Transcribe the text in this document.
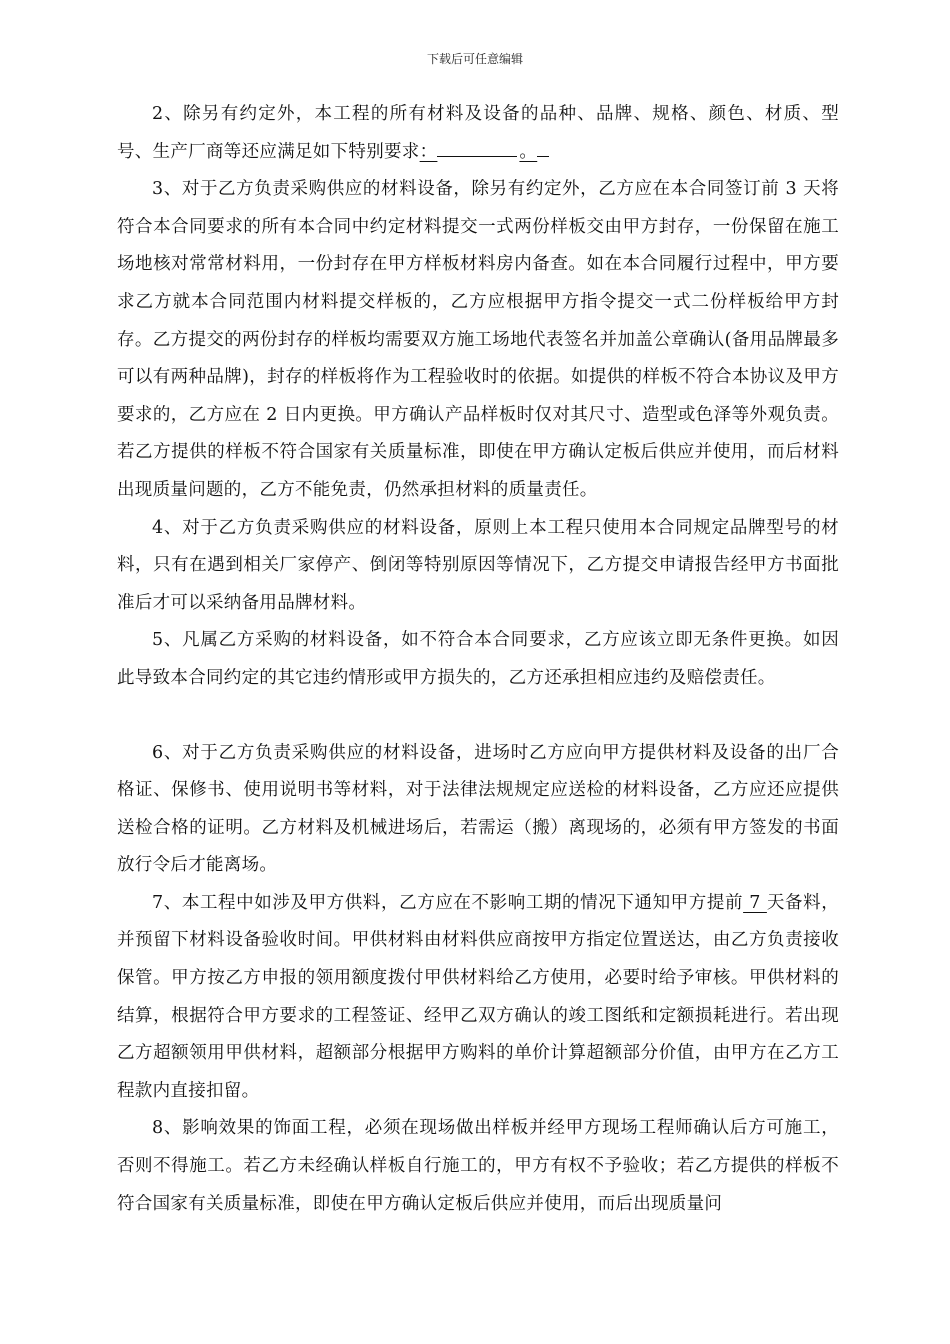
下载后可任意编辑

2、除另有约定外，本工程的所有材料及设备的品种、品牌、规格、颜色、材质、型号、生产厂商等还应满足如下特别要求：	。

3、对于乙方负责采购供应的材料设备，除另有约定外，乙方应在本合同签订前 3 天将符合本合同要求的所有本合同中约定材料提交一式两份样板交由甲方封存，一份保留在施工场地核对常常材料用，一份封存在甲方样板材料房内备查。如在本合同履行过程中，甲方要求乙方就本合同范围内材料提交样板的，乙方应根据甲方指令提交一式二份样板给甲方封存。乙方提交的两份封存的样板均需要双方施工场地代表签名并加盖公章确认(备用品牌最多可以有两种品牌)，封存的样板将作为工程验收时的依据。如提供的样板不符合本协议及甲方要求的，乙方应在 2 日内更换。甲方确认产品样板时仅对其尺寸、造型或色泽等外观负责。若乙方提供的样板不符合国家有关质量标准，即使在甲方确认定板后供应并使用，而后材料出现质量问题的，乙方不能免责，仍然承担材料的质量责任。

4、对于乙方负责采购供应的材料设备，原则上本工程只使用本合同规定品牌型号的材料，只有在遇到相关厂家停产、倒闭等特别原因等情况下，乙方提交申请报告经甲方书面批准后才可以采纳备用品牌材料。

5、凡属乙方采购的材料设备，如不符合本合同要求，乙方应该立即无条件更换。如因此导致本合同约定的其它违约情形或甲方损失的，乙方还承担相应违约及赔偿责任。

6、对于乙方负责采购供应的材料设备，进场时乙方应向甲方提供材料及设备的出厂合格证、保修书、使用说明书等材料，对于法律法规规定应送检的材料设备，乙方应还应提供送检合格的证明。乙方材料及机械进场后，若需运（搬）离现场的，必须有甲方签发的书面放行令后才能离场。

7、本工程中如涉及甲方供料，乙方应在不影响工期的情况下通知甲方提前 7 天备料，并预留下材料设备验收时间。甲供材料由材料供应商按甲方指定位置送达，由乙方负责接收保管。甲方按乙方申报的领用额度拨付甲供材料给乙方使用，必要时给予审核。甲供材料的结算，根据符合甲方要求的工程签证、经甲乙双方确认的竣工图纸和定额损耗进行。若出现乙方超额领用甲供材料，超额部分根据甲方购料的单价计算超额部分价值，由甲方在乙方工程款内直接扣留。

8、影响效果的饰面工程，必须在现场做出样板并经甲方现场工程师确认后方可施工，否则不得施工。若乙方未经确认样板自行施工的，甲方有权不予验收；若乙方提供的样板不符合国家有关质量标准，即使在甲方确认定板后供应并使用，而后出现质量问
